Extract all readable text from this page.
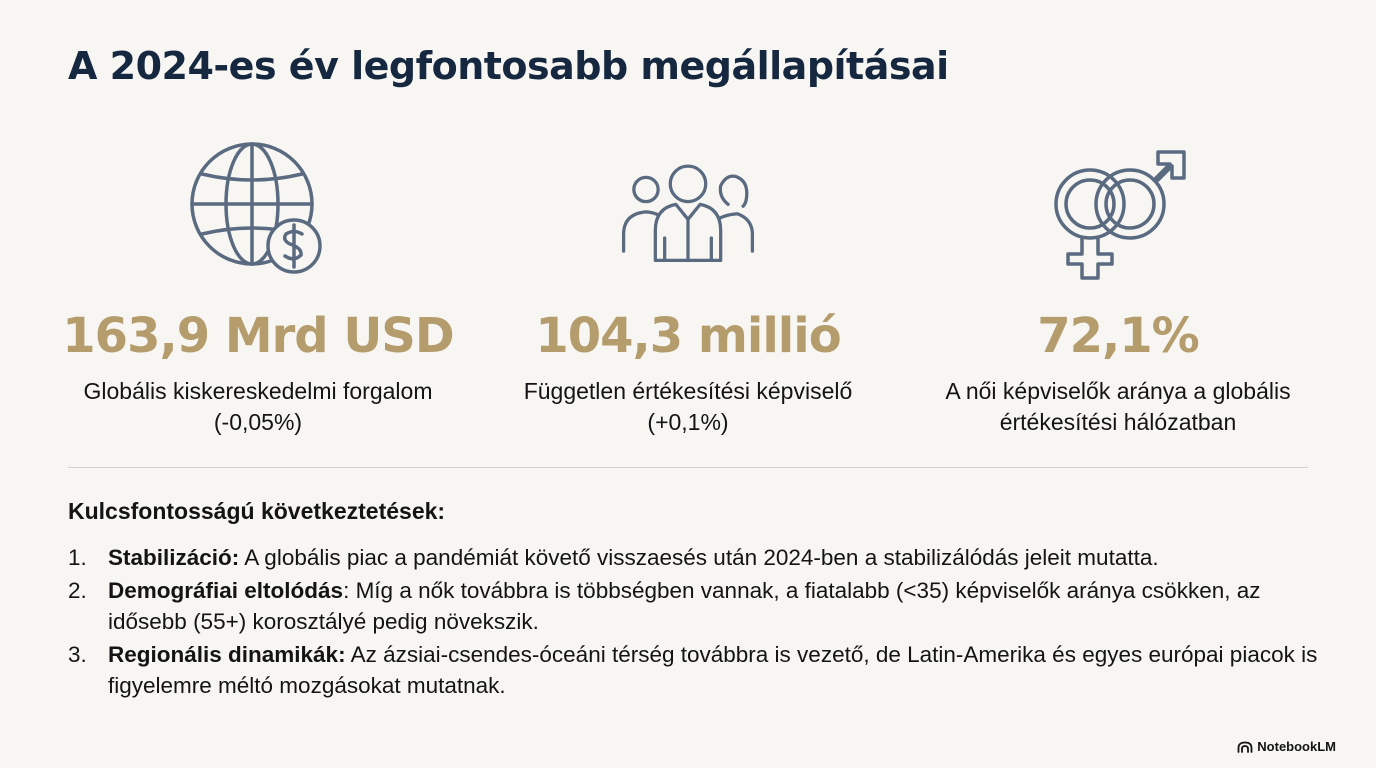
A 2024-es év legfontosabb megállapításai
163,9 Mrd USD
Globális kiskereskedelmi forgalom (-0,05%)
104,3 millió
Független értékesítési képviselő (+0,1%)
72,1%
A női képviselők aránya a globális értékesítési hálózatban
Kulcsfontosságú következtetések:
1. Stabilizáció: A globális piac a pandémiát követő visszaesés után 2024-ben a stabilizálódás jeleit mutatta.
2. Demográfiai eltolódás: Míg a nők továbbra is többségben vannak, a fiatalabb (<35) képviselők aránya csökken, az idősebb (55+) korosztályé pedig növekszik.
3. Regionális dinamikák: Az ázsiai-csendes-óceáni térség továbbra is vezető, de Latin-Amerika és egyes európai piacok is figyelemre méltó mozgásokat mutatnak.
NotebookLM
